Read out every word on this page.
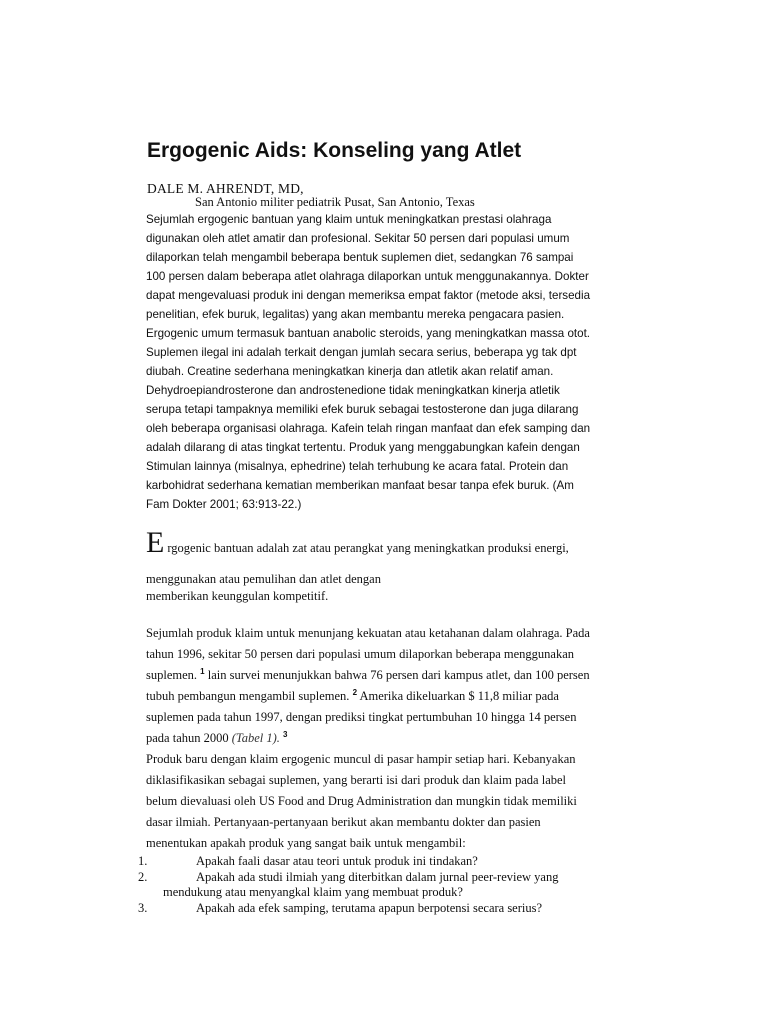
Ergogenic Aids: Konseling yang Atlet
DALE M. AHRENDT, MD,
San Antonio militer pediatrik Pusat, San Antonio, Texas
Sejumlah ergogenic bantuan yang klaim untuk meningkatkan prestasi olahraga
digunakan oleh atlet amatir dan profesional. Sekitar 50 persen dari populasi umum
dilaporkan telah mengambil beberapa bentuk suplemen diet, sedangkan 76 sampai
100 persen dalam beberapa atlet olahraga dilaporkan untuk menggunakannya. Dokter
dapat mengevaluasi produk ini dengan memeriksa empat faktor (metode aksi, tersedia
penelitian, efek buruk, legalitas) yang akan membantu mereka pengacara pasien.
Ergogenic umum termasuk bantuan anabolic steroids, yang meningkatkan massa otot.
Suplemen ilegal ini adalah terkait dengan jumlah secara serius, beberapa yg tak dpt
diubah. Creatine sederhana meningkatkan kinerja dan atletik akan relatif aman.
Dehydroepiandrosterone dan androstenedione tidak meningkatkan kinerja atletik
serupa tetapi tampaknya memiliki efek buruk sebagai testosterone dan juga dilarang
oleh beberapa organisasi olahraga. Kafein telah ringan manfaat dan efek samping dan
adalah dilarang di atas tingkat tertentu. Produk yang menggabungkan kafein dengan
Stimulan lainnya (misalnya, ephedrine) telah terhubung ke acara fatal. Protein dan
karbohidrat sederhana kematian memberikan manfaat besar tanpa efek buruk. (Am
Fam Dokter 2001; 63:913-22.)
Ergogenic bantuan adalah zat atau perangkat yang meningkatkan produksi energi,
menggunakan atau pemulihan dan atlet dengan
memberikan keunggulan kompetitif.
Sejumlah produk klaim untuk menunjang kekuatan atau ketahanan dalam olahraga. Pada
tahun 1996, sekitar 50 persen dari populasi umum dilaporkan beberapa menggunakan
suplemen. $^1$ lain survei menunjukkan bahwa 76 persen dari kampus atlet, dan 100 persen
tubuh pembangun mengambil suplemen. $^2$ Amerika dikeluarkan $ 11,8 miliar pada
suplemen pada tahun 1997, dengan prediksi tingkat pertumbuhan 10 hingga 14 persen
pada tahun 2000 (Tabel 1). $^3$
Produk baru dengan klaim ergogenic muncul di pasar hampir setiap hari. Kebanyakan
diklasifikasikan sebagai suplemen, yang berarti isi dari produk dan klaim pada label
belum dievaluasi oleh US Food and Drug Administration dan mungkin tidak memiliki
dasar ilmiah. Pertanyaan-pertanyaan berikut akan membantu dokter dan pasien
menentukan apakah produk yang sangat baik untuk mengambil:
1.	Apakah faali dasar atau teori untuk produk ini tindakan?
2.	Apakah ada studi ilmiah yang diterbitkan dalam jurnal peer-review yang
mendukung atau menyangkal klaim yang membuat produk?
3.	Apakah ada efek samping, terutama apapun berpotensi secara serius?
